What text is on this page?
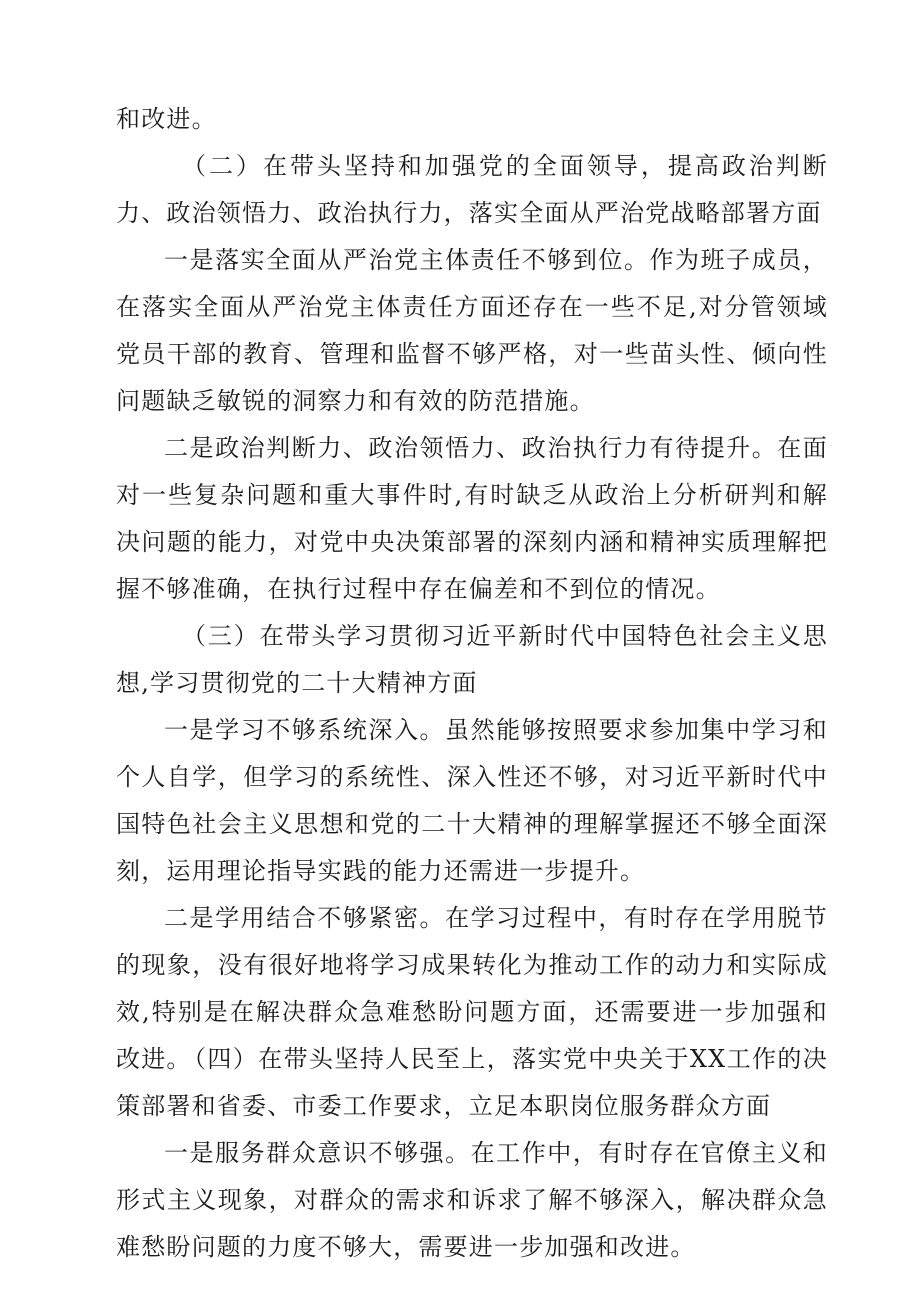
和改进。

（二）在带头坚持和加强党的全面领导，提高政治判断力、政治领悟力、政治执行力，落实全面从严治党战略部署方面

一是落实全面从严治党主体责任不够到位。作为班子成员，在落实全面从严治党主体责任方面还存在一些不足,对分管领域党员干部的教育、管理和监督不够严格，对一些苗头性、倾向性问题缺乏敏锐的洞察力和有效的防范措施。

二是政治判断力、政治领悟力、政治执行力有待提升。在面对一些复杂问题和重大事件时,有时缺乏从政治上分析研判和解决问题的能力，对党中央决策部署的深刻内涵和精神实质理解把握不够准确，在执行过程中存在偏差和不到位的情况。

（三）在带头学习贯彻习近平新时代中国特色社会主义思想,学习贯彻党的二十大精神方面

一是学习不够系统深入。虽然能够按照要求参加集中学习和个人自学，但学习的系统性、深入性还不够，对习近平新时代中国特色社会主义思想和党的二十大精神的理解掌握还不够全面深刻，运用理论指导实践的能力还需进一步提升。

二是学用结合不够紧密。在学习过程中，有时存在学用脱节的现象，没有很好地将学习成果转化为推动工作的动力和实际成效,特别是在解决群众急难愁盼问题方面，还需要进一步加强和改进。

（四）在带头坚持人民至上，落实党中央关于XX工作的决策部署和省委、市委工作要求，立足本职岗位服务群众方面

一是服务群众意识不够强。在工作中，有时存在官僚主义和形式主义现象，对群众的需求和诉求了解不够深入，解决群众急难愁盼问题的力度不够大，需要进一步加强和改进。
